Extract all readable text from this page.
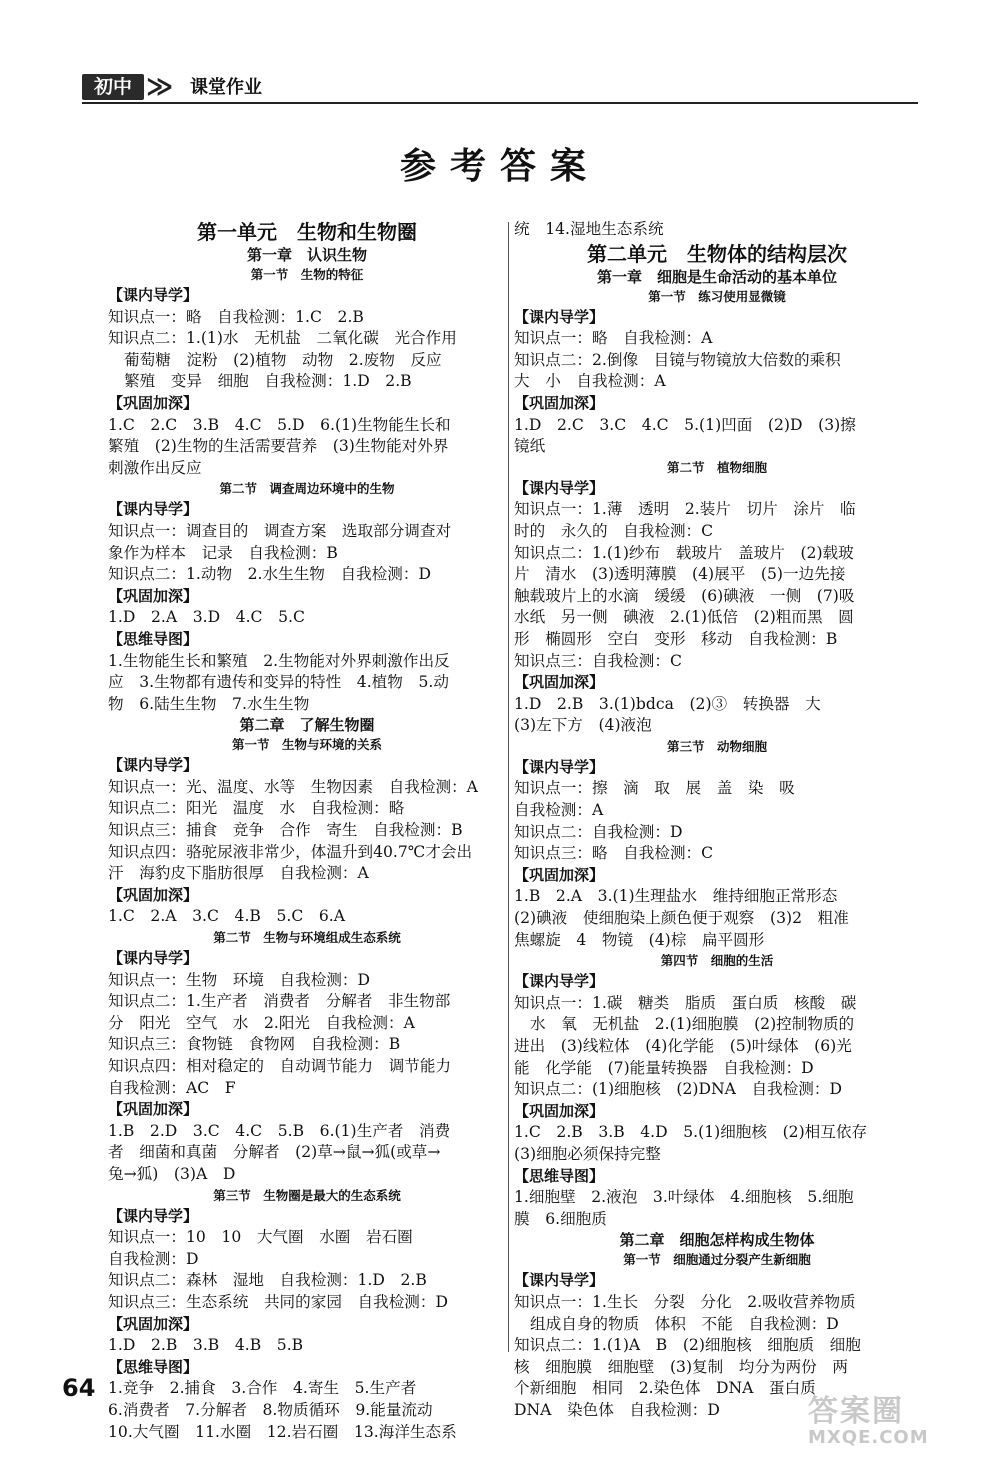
初中 ≫ 课堂作业
参考答案
第一单元　生物和生物圈
第一章　认识生物
第一节　生物的特征
【课内导学】
知识点一：略　自我检测：1.C　2.B
知识点二：1.(1)水　无机盐　二氧化碳　光合作用
葡萄糖　淀粉　(2)植物　动物　2.废物　反应
繁殖　变异　细胞　自我检测：1.D　2.B
【巩固加深】
1.C　2.C　3.B　4.C　5.D　6.(1)生物能生长和
繁殖　(2)生物的生活需要营养　(3)生物能对外界
刺激作出反应
第二节　调查周边环境中的生物
【课内导学】
知识点一：调查目的　调查方案　选取部分调查对
象作为样本　记录　自我检测：B
知识点二：1.动物　2.水生生物　自我检测：D
【巩固加深】
1.D　2.A　3.D　4.C　5.C
【思维导图】
1.生物能生长和繁殖　2.生物能对外界刺激作出反
应　3.生物都有遗传和变异的特性　4.植物　5.动
物　6.陆生生物　7.水生生物
第二章　了解生物圈
第一节　生物与环境的关系
【课内导学】
知识点一：光、温度、水等　生物因素　自我检测：A
知识点二：阳光　温度　水　自我检测：略
知识点三：捕食　竞争　合作　寄生　自我检测：B
知识点四：骆驼尿液非常少，体温升到40.7℃才会出
汗　海豹皮下脂肪很厚　自我检测：A
【巩固加深】
1.C　2.A　3.C　4.B　5.C　6.A
第二节　生物与环境组成生态系统
【课内导学】
知识点一：生物　环境　自我检测：D
知识点二：1.生产者　消费者　分解者　非生物部
分　阳光　空气　水　2.阳光　自我检测：A
知识点三：食物链　食物网　自我检测：B
知识点四：相对稳定的　自动调节能力　调节能力
自我检测：AC　F
【巩固加深】
1.B　2.D　3.C　4.C　5.B　6.(1)生产者　消费
者　细菌和真菌　分解者　(2)草→鼠→狐(或草→
兔→狐)　(3)A　D
第三节　生物圈是最大的生态系统
【课内导学】
知识点一：10　10　大气圈　水圈　岩石圈
自我检测：D
知识点二：森林　湿地　自我检测：1.D　2.B
知识点三：生态系统　共同的家园　自我检测：D
【巩固加深】
1.D　2.B　3.B　4.B　5.B
【思维导图】
1.竞争　2.捕食　3.合作　4.寄生　5.生产者
6.消费者　7.分解者　8.物质循环　9.能量流动
10.大气圈　11.水圈　12.岩石圈　13.海洋生态系
统　14.湿地生态系统
第二单元　生物体的结构层次
第一章　细胞是生命活动的基本单位
第一节　练习使用显微镜
【课内导学】
知识点一：略　自我检测：A
知识点二：2.倒像　目镜与物镜放大倍数的乘积
大　小　自我检测：A
【巩固加深】
1.D　2.C　3.C　4.C　5.(1)凹面　(2)D　(3)擦
镜纸
第二节　植物细胞
【课内导学】
知识点一：1.薄　透明　2.装片　切片　涂片　临
时的　永久的　自我检测：C
知识点二：1.(1)纱布　载玻片　盖玻片　(2)载玻
片　清水　(3)透明薄膜　(4)展平　(5)一边先接
触载玻片上的水滴　缓缓　(6)碘液　一侧　(7)吸
水纸　另一侧　碘液　2.(1)低倍　(2)粗而黑　圆
形　椭圆形　空白　变形　移动　自我检测：B
知识点三：自我检测：C
【巩固加深】
1.D　2.B　3.(1)bdca　(2)③　转换器　大
(3)左下方　(4)液泡
第三节　动物细胞
【课内导学】
知识点一：擦　滴　取　展　盖　染　吸
自我检测：A
知识点二：自我检测：D
知识点三：略　自我检测：C
【巩固加深】
1.B　2.A　3.(1)生理盐水　维持细胞正常形态
(2)碘液　使细胞染上颜色便于观察　(3)2　粗准
焦螺旋　4　物镜　(4)棕　扁平圆形
第四节　细胞的生活
【课内导学】
知识点一：1.碳　糖类　脂质　蛋白质　核酸　碳
水　氧　无机盐　2.(1)细胞膜　(2)控制物质的
进出　(3)线粒体　(4)化学能　(5)叶绿体　(6)光
能　化学能　(7)能量转换器　自我检测：D
知识点二：(1)细胞核　(2)DNA　自我检测：D
【巩固加深】
1.C　2.B　3.B　4.D　5.(1)细胞核　(2)相互依存
(3)细胞必须保持完整
【思维导图】
1.细胞壁　2.液泡　3.叶绿体　4.细胞核　5.细胞
膜　6.细胞质
第二章　细胞怎样构成生物体
第一节　细胞通过分裂产生新细胞
【课内导学】
知识点一：1.生长　分裂　分化　2.吸收营养物质
组成自身的物质　体积　不能　自我检测：D
知识点二：1.(1)A　B　(2)细胞核　细胞质　细胞
核　细胞膜　细胞壁　(3)复制　均分为两份　两
个新细胞　相同　2.染色体　DNA　蛋白质
DNA　染色体　自我检测：D
64
答案圈
MXQE.COM
